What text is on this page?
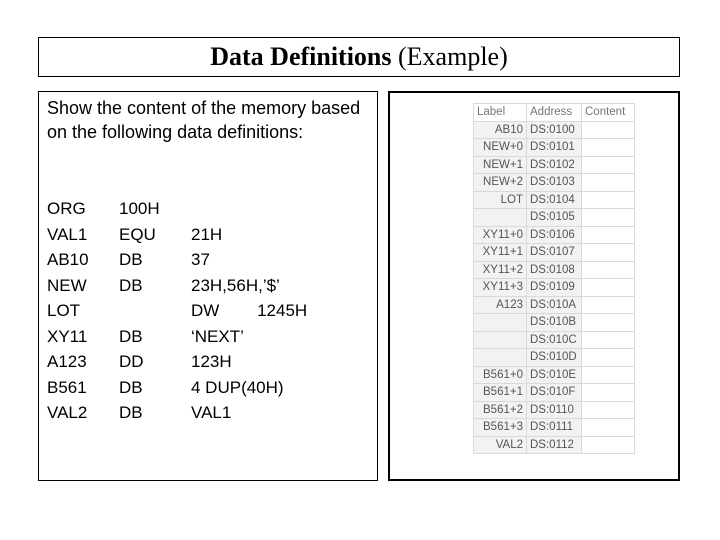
Data Definitions (Example)
Show the content of the memory based on the following data definitions:
ORG 100H
VAL1 EQU 21H
AB10 DB	37
NEW DB	23H,56H,’$’
LOT	DW        1245H
XY11 DB	‘NEXT’
A123 DD	123H
B561 DB	4 DUP(40H)
VAL2 DB	VAL1
Label	Address	Content
AB10	DS:0100	
NEW+0	DS:0101	
NEW+1	DS:0102	
NEW+2	DS:0103	
LOT	DS:0104	
	DS:0105	
XY11+0	DS:0106	
XY11+1	DS:0107	
XY11+2	DS:0108	
XY11+3	DS:0109	
A123	DS:010A	
	DS:010B	
	DS:010C	
	DS:010D	
B561+0	DS:010E	
B561+1	DS:010F	
B561+2	DS:0110	
B561+3	DS:0111	
VAL2	DS:0112	
